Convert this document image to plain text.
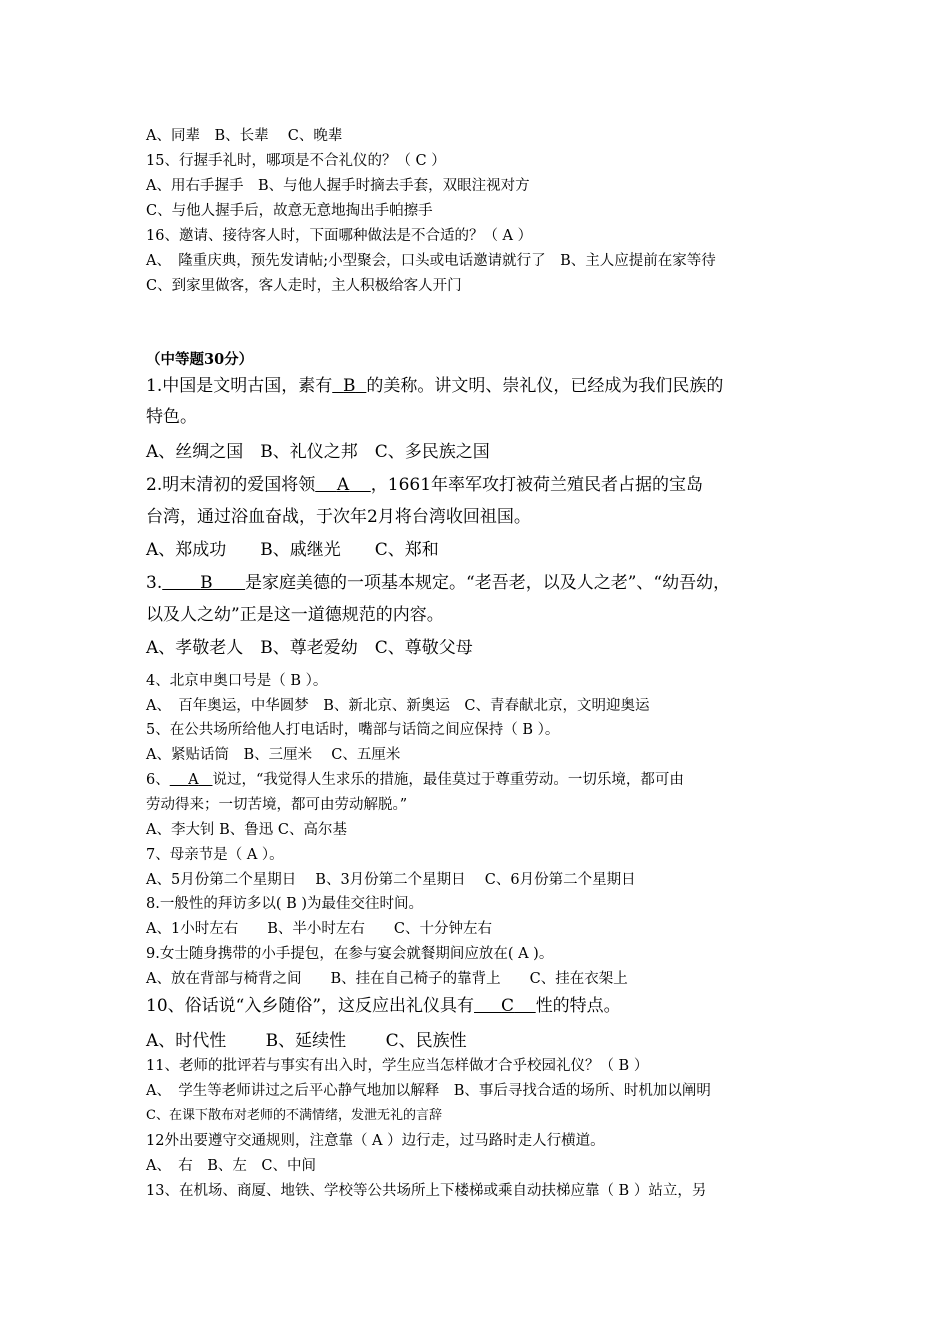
A、同辈　B、长辈　 C、晚辈
15、行握手礼时，哪项是不合礼仪的？（ C ）
A、用右手握手　B、与他人握手时摘去手套，双眼注视对方
C、与他人握手后，故意无意地掏出手帕擦手
16、邀请、接待客人时，下面哪种做法是不合适的？（ A ）
A、　隆重庆典，预先发请帖;小型聚会，口头或电话邀请就行了　B、主人应提前在家等待
C、到家里做客，客人走时，主人积极给客人开门
（中等题30分）
1.中国是文明古国，素有 B 的美称。讲文明、崇礼仪，已经成为我们民族的
特色。
A、丝绸之国　B、礼仪之邦　C、多民族之国
2.明末清初的爱国将领 A ，1661年率军攻打被荷兰殖民者占据的宝岛
台湾，通过浴血奋战，于次年2月将台湾收回祖国。
A、郑成功　　B、戚继光　　C、郑和
3. B 是家庭美德的一项基本规定。“老吾老，以及人之老”、“幼吾幼，
以及人之幼”正是这一道德规范的内容。
A、孝敬老人　B、尊老爱幼　C、尊敬父母
4、北京申奥口号是（ B ）。
A、　百年奥运，中华圆梦　B、新北京、新奥运　C、青春献北京，文明迎奥运
5、在公共场所给他人打电话时，嘴部与话筒之间应保持（ B ）。
A、紧贴话筒　B、三厘米　 C、五厘米
6、 A 说过，“我觉得人生求乐的措施，最佳莫过于尊重劳动。一切乐境，都可由
劳动得来；一切苦境，都可由劳动解脱。”
A、李大钊 B、鲁迅 C、高尔基
7、母亲节是（ A ）。
A、5月份第二个星期日　 B、3月份第二个星期日　 C、6月份第二个星期日
8.一般性的拜访多以( B )为最佳交往时间。
A、1小时左右　　B、半小时左右　　C、十分钟左右
9.女士随身携带的小手提包，在参与宴会就餐期间应放在( A )。
A、放在背部与椅背之间　　B、挂在自己椅子的靠背上　　C、挂在衣架上
10、俗话说“入乡随俗”，这反应出礼仪具有 C 性的特点。
A、时代性　　 B、延续性　　 C、民族性
11、老师的批评若与事实有出入时，学生应当怎样做才合乎校园礼仪？（ B ）
A、　学生等老师讲过之后平心静气地加以解释　B、事后寻找合适的场所、时机加以阐明
C、在课下散布对老师的不满情绪，发泄无礼的言辞
12外出要遵守交通规则，注意靠（ A ）边行走，过马路时走人行横道。
A、　右　B、左　C、中间
13、在机场、商厦、地铁、学校等公共场所上下楼梯或乘自动扶梯应靠（ B ）站立，另
